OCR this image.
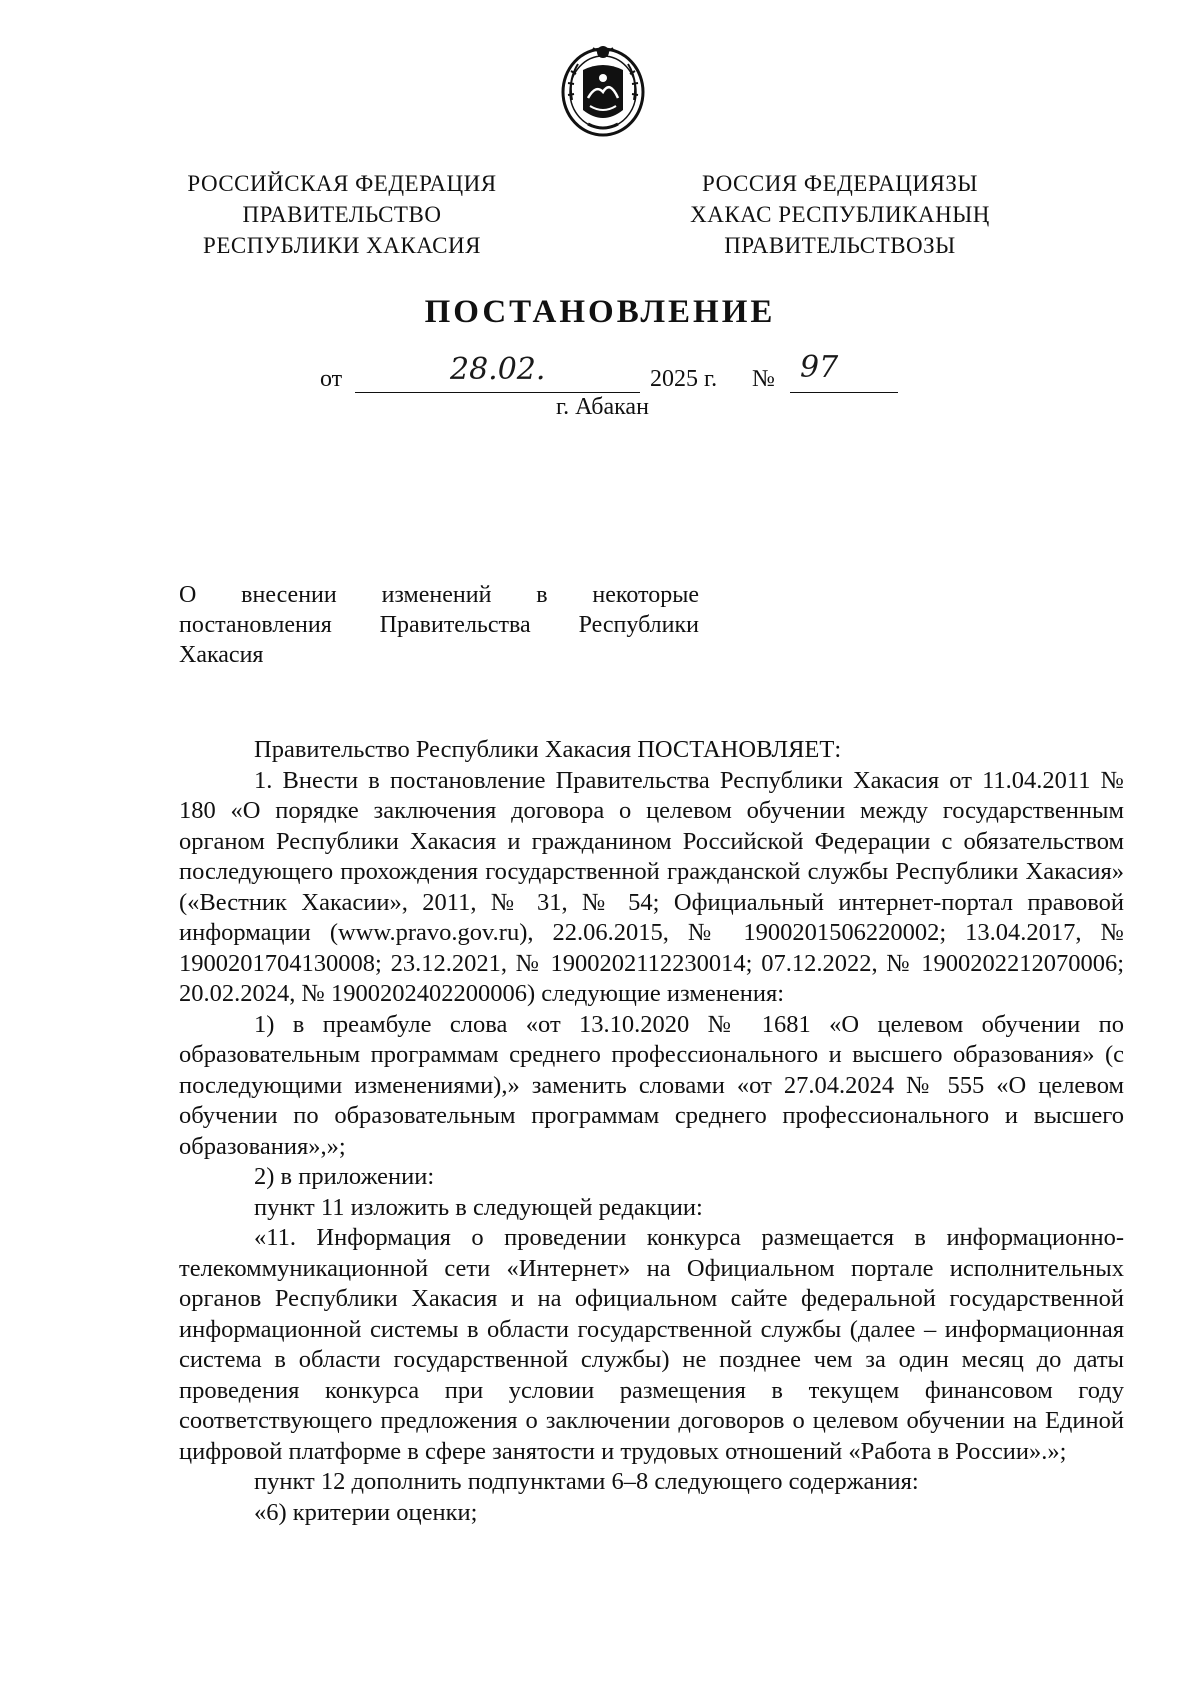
РОССИЙСКАЯ ФЕДЕРАЦИЯ
ПРАВИТЕЛЬСТВО
РЕСПУБЛИКИ ХАКАСИЯ
РОССИЯ ФЕДЕРАЦИЯЗЫ
ХАКАС РЕСПУБЛИКАНЫҢ
ПРАВИТЕЛЬСТВОЗЫ
ПОСТАНОВЛЕНИЕ
от	28.02.	2025 г. № 97
г. Абакан
О внесении изменений в некоторые
постановления Правительства Республики
Хакасия

Правительство Республики Хакасия ПОСТАНОВЛЯЕТ:

1. Внести в постановление Правительства Республики Хакасия от 11.04.2011 № 180 «О порядке заключения договора о целевом обучении между государственным органом Республики Хакасия и гражданином Российской Федерации с обязательством последующего прохождения государственной гражданской службы Республики Хакасия» («Вестник Хакасии», 2011, № 31, № 54; Официальный интернет-портал правовой информации (www.pravo.gov.ru), 22.06.2015, № 1900201506220002; 13.04.2017, № 1900201704130008; 23.12.2021, № 1900202112230014; 07.12.2022, № 1900202212070006; 20.02.2024, № 1900202402200006) следующие изменения:

1) в преамбуле слова «от 13.10.2020 № 1681 «О целевом обучении по образовательным программам среднего профессионального и высшего образования» (с последующими изменениями),» заменить словами «от 27.04.2024 № 555 «О целевом обучении по образовательным программам среднего профессионального и высшего образования»,»;

2) в приложении:

пункт 11 изложить в следующей редакции:

«11. Информация о проведении конкурса размещается в информационно-телекоммуникационной сети «Интернет» на Официальном портале исполнительных органов Республики Хакасия и на официальном сайте федеральной государственной информационной системы в области государственной службы (далее – информационная система в области государственной службы) не позднее чем за один месяц до даты проведения конкурса при условии размещения в текущем финансовом году соответствующего предложения о заключении договоров о целевом обучении на Единой цифровой платформе в сфере занятости и трудовых отношений «Работа в России».»;

пункт 12 дополнить подпунктами 6–8 следующего содержания:

«6) критерии оценки;
